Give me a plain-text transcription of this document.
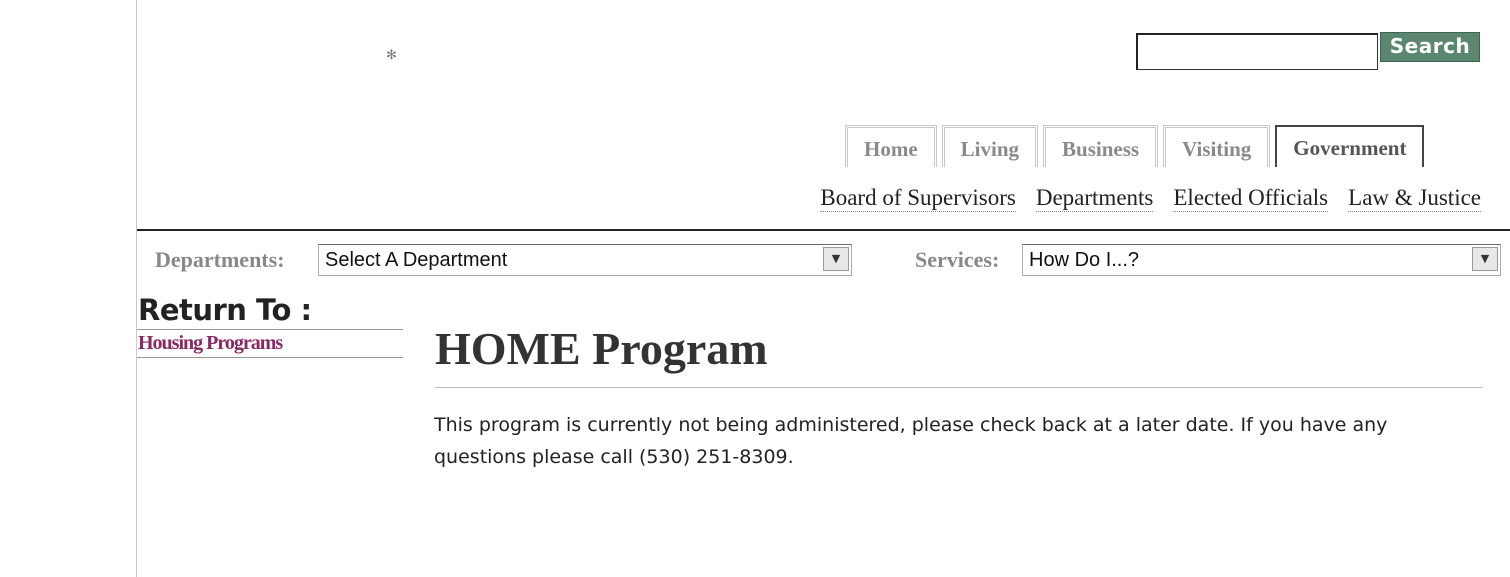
✻	Search
Home	Living	Business	Visiting	Government
Board of Supervisors Departments Elected Officials Law & Justice
Departments:	Select A Department	▼	Services:	How Do I...?	▼
Return To :
Housing Programs	HOME Program

This program is currently not being administered, please check back at a later date. If you have any questions please call (530) 251-8309.
